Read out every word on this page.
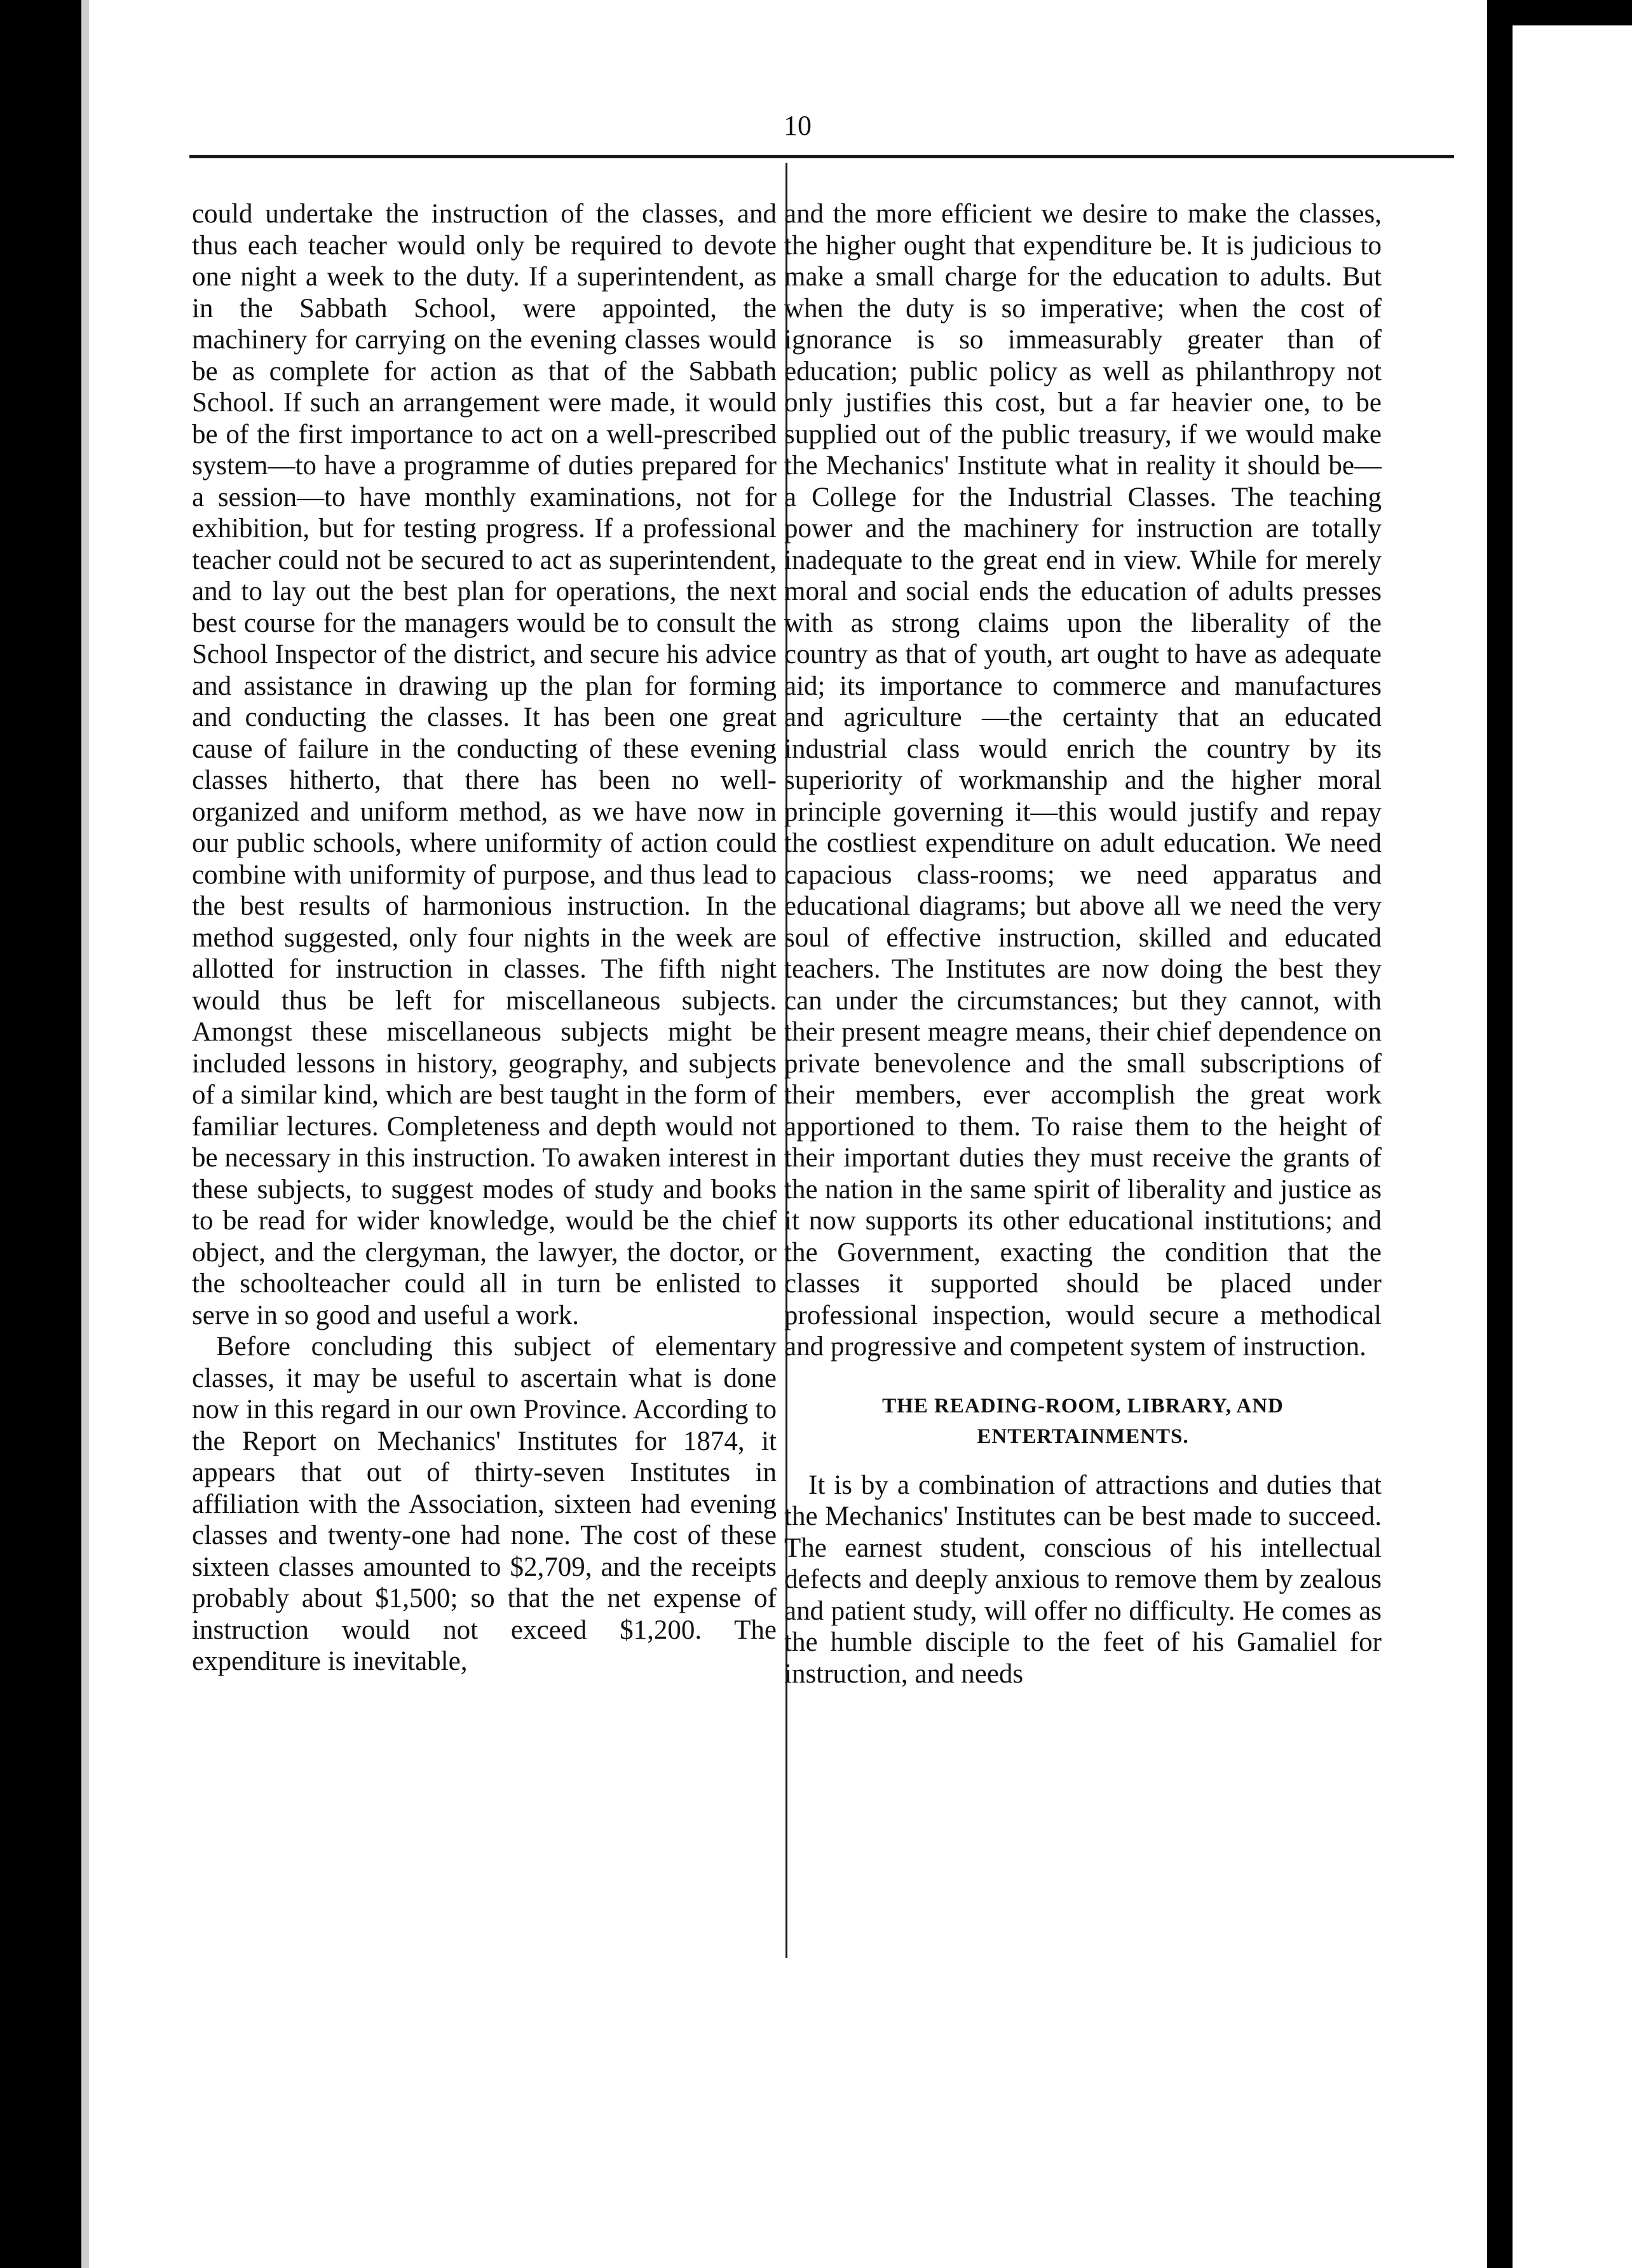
10

could undertake the instruction of the classes, and thus each teacher would only be required to devote one night a week to the duty. If a superintendent, as in the Sabbath School, were appointed, the machinery for carrying on the evening classes would be as complete for action as that of the Sabbath School. If such an arrangement were made, it would be of the first importance to act on a well-prescribed system—to have a programme of duties prepared for a session—to have monthly examinations, not for exhibition, but for testing progress. If a professional teacher could not be secured to act as superintendent, and to lay out the best plan for operations, the next best course for the managers would be to consult the School Inspector of the district, and secure his advice and assistance in drawing up the plan for forming and conducting the classes. It has been one great cause of failure in the conducting of these evening classes hitherto, that there has been no well-organized and uniform method, as we have now in our public schools, where uniformity of action could combine with uniformity of purpose, and thus lead to the best results of harmonious instruction. In the method suggested, only four nights in the week are allotted for instruction in classes. The fifth night would thus be left for miscellaneous subjects. Amongst these miscellaneous subjects might be included lessons in history, geography, and subjects of a similar kind, which are best taught in the form of familiar lectures. Completeness and depth would not be necessary in this instruction. To awaken interest in these subjects, to suggest modes of study and books to be read for wider knowledge, would be the chief object, and the clergyman, the lawyer, the doctor, or the schoolteacher could all in turn be enlisted to serve in so good and useful a work.

Before concluding this subject of elementary classes, it may be useful to ascertain what is done now in this regard in our own Province. According to the Report on Mechanics' Institutes for 1874, it appears that out of thirty-seven Institutes in affiliation with the Association, sixteen had evening classes and twenty-one had none. The cost of these sixteen classes amounted to $2,709, and the receipts probably about $1,500; so that the net expense of instruction would not exceed $1,200. The expenditure is inevitable,

and the more efficient we desire to make the classes, the higher ought that expenditure be. It is judicious to make a small charge for the education to adults. But when the duty is so imperative; when the cost of ignorance is so immeasurably greater than of education; public policy as well as philanthropy not only justifies this cost, but a far heavier one, to be supplied out of the public treasury, if we would make the Mechanics' Institute what in reality it should be—a College for the Industrial Classes. The teaching power and the machinery for instruction are totally inadequate to the great end in view. While for merely moral and social ends the education of adults presses with as strong claims upon the liberality of the country as that of youth, art ought to have as adequate aid; its importance to commerce and manufactures and agriculture —the certainty that an educated industrial class would enrich the country by its superiority of workmanship and the higher moral principle governing it—this would justify and repay the costliest expenditure on adult education. We need capacious class-rooms; we need apparatus and educational diagrams; but above all we need the very soul of effective instruction, skilled and educated teachers. The Institutes are now doing the best they can under the circumstances; but they cannot, with their present meagre means, their chief dependence on private benevolence and the small subscriptions of their members, ever accomplish the great work apportioned to them. To raise them to the height of their important duties they must receive the grants of the nation in the same spirit of liberality and justice as it now supports its other educational institutions; and the Government, exacting the condition that the classes it supported should be placed under professional inspection, would secure a methodical and progressive and competent system of instruction.

THE READING-ROOM, LIBRARY, AND ENTERTAINMENTS.

It is by a combination of attractions and duties that the Mechanics' Institutes can be best made to succeed. The earnest student, conscious of his intellectual defects and deeply anxious to remove them by zealous and patient study, will offer no difficulty. He comes as the humble disciple to the feet of his Gamaliel for instruction, and needs
